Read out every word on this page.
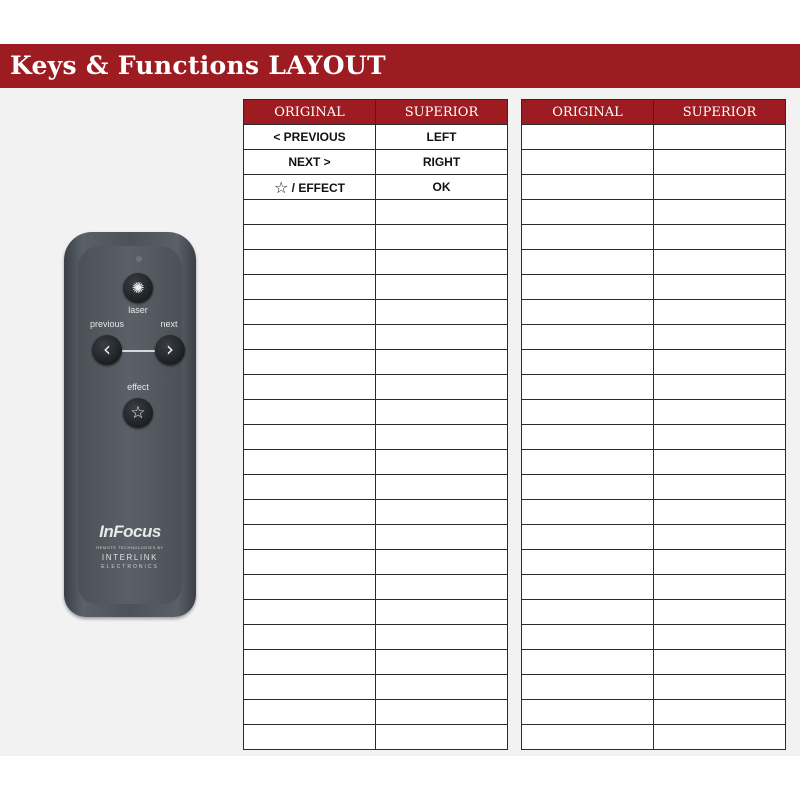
Keys & Functions LAYOUT
✺
laser
previous	next
‹	›
effect
☆
InFocus
REMOTE TECHNOLOGIES BY
INTERLINK
ELECTRONICS
ORIGINAL	SUPERIOR
< PREVIOUS	LEFT
NEXT >	RIGHT
☆ / EFFECT	OK

ORIGINAL	SUPERIOR
